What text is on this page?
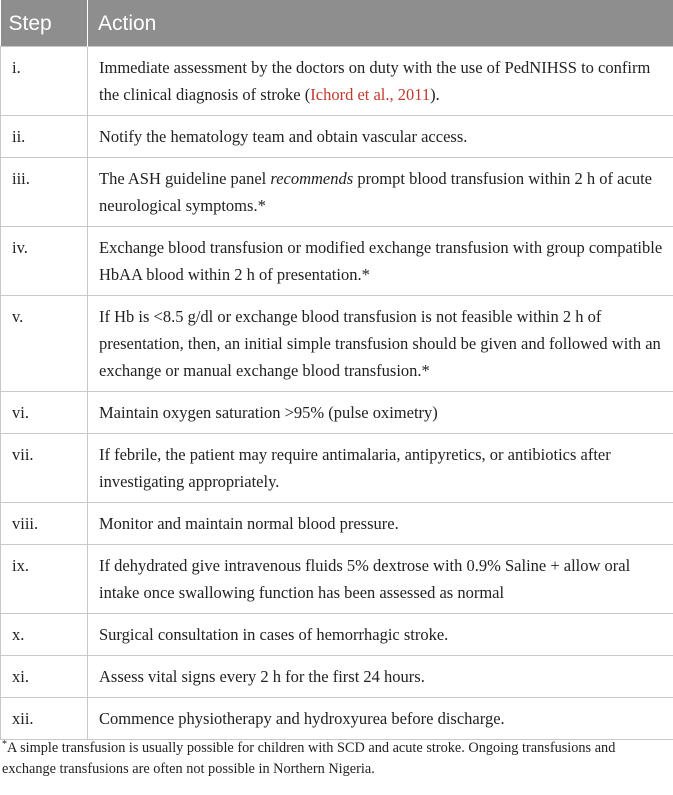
Step	Action
i.	Immediate assessment by the doctors on duty with the use of PedNIHSS to confirm the clinical diagnosis of stroke (Ichord et al., 2011).
ii.	Notify the hematology team and obtain vascular access.
iii.	The ASH guideline panel recommends prompt blood transfusion within 2 h of acute neurological symptoms.*
iv.	Exchange blood transfusion or modified exchange transfusion with group compatible HbAA blood within 2 h of presentation.*
v.	If Hb is <8.5 g/dl or exchange blood transfusion is not feasible within 2 h of presentation, then, an initial simple transfusion should be given and followed with an exchange or manual exchange blood transfusion.*
vi.	Maintain oxygen saturation >95% (pulse oximetry)
vii.	If febrile, the patient may require antimalaria, antipyretics, or antibiotics after investigating appropriately.
viii.	Monitor and maintain normal blood pressure.
ix.	If dehydrated give intravenous fluids 5% dextrose with 0.9% Saline + allow oral intake once swallowing function has been assessed as normal
x.	Surgical consultation in cases of hemorrhagic stroke.
xi.	Assess vital signs every 2 h for the first 24 hours.
xii.	Commence physiotherapy and hydroxyurea before discharge.
*A simple transfusion is usually possible for children with SCD and acute stroke. Ongoing transfusions and exchange transfusions are often not possible in Northern Nigeria.
